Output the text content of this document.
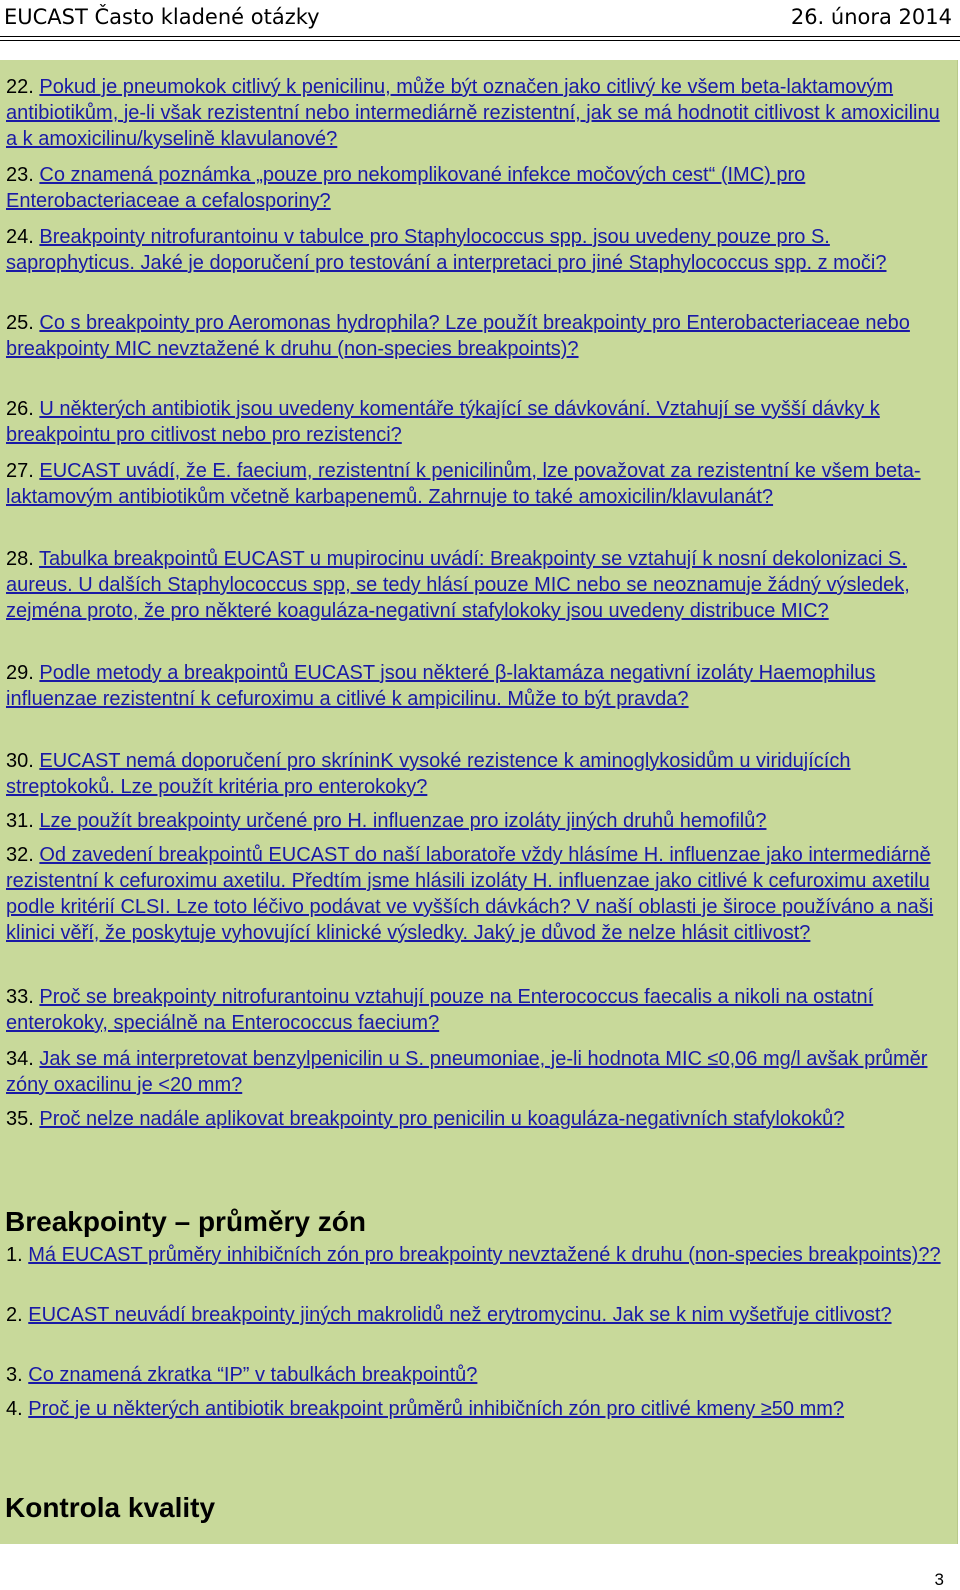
EUCAST Často kladené otázky	26. února 2014
22. Pokud je pneumokok citlivý k penicilinu, může být označen jako citlivý ke všem beta-laktamovým antibiotikům, je-li však rezistentní nebo intermediárně rezistentní, jak se má hodnotit citlivost k amoxicilinu a k amoxicilinu/kyselině klavulanové?
23. Co znamená poznámka „pouze pro nekomplikované infekce močových cest“ (IMC) pro Enterobacteriaceae a cefalosporiny?
24. Breakpointy nitrofurantoinu v tabulce pro Staphylococcus spp. jsou uvedeny pouze pro S. saprophyticus. Jaké je doporučení pro testování a interpretaci pro jiné Staphylococcus spp. z moči?
25. Co s breakpointy pro Aeromonas hydrophila? Lze použít breakpointy pro Enterobacteriaceae nebo breakpointy MIC nevztažené k druhu (non-species breakpoints)?
26. U některých antibiotik jsou uvedeny komentáře týkající se dávkování. Vztahují se vyšší dávky k breakpointu pro citlivost nebo pro rezistenci?
27. EUCAST uvádí, že E. faecium, rezistentní k penicilinům, lze považovat za rezistentní ke všem beta-laktamovým antibiotikům včetně karbapenemů. Zahrnuje to také amoxicilin/klavulanát?
28. Tabulka breakpointů EUCAST u mupirocinu uvádí: Breakpointy se vztahují k nosní dekolonizaci S. aureus. U dalších Staphylococcus spp, se tedy hlásí pouze MIC nebo se neoznamuje žádný výsledek, zejména proto, že pro některé koaguláza-negativní stafylokoky jsou uvedeny distribuce MIC?
29. Podle metody a breakpointů EUCAST jsou některé β-laktamáza negativní izoláty Haemophilus influenzae rezistentní k cefuroximu a citlivé k ampicilinu. Může to být pravda?
30. EUCAST nemá doporučení pro skríninK vysoké rezistence k aminoglykosidům u viridujících streptokoků. Lze použít kritéria pro enterokoky?
31. Lze použít breakpointy určené pro H. influenzae pro izoláty jiných druhů hemofilů?
32. Od zavedení breakpointů EUCAST do naší laboratoře vždy hlásíme H. influenzae jako intermediárně rezistentní k cefuroximu axetilu. Předtím jsme hlásili izoláty H. influenzae jako citlivé k cefuroximu axetilu podle kritérií CLSI. Lze toto léčivo podávat ve vyšších dávkách? V naší oblasti je široce používáno a naši klinici věří, že poskytuje vyhovující klinické výsledky. Jaký je důvod že nelze hlásit citlivost?
33. Proč se breakpointy nitrofurantoinu vztahují pouze na Enterococcus faecalis a nikoli na ostatní enterokoky, speciálně na Enterococcus faecium?
34. Jak se má interpretovat benzylpenicilin u S. pneumoniae, je-li hodnota MIC ≤0,06 mg/l avšak průměr zóny oxacilinu je <20 mm?
35. Proč nelze nadále aplikovat breakpointy pro penicilin u koaguláza-negativních stafylokoků?
Breakpointy – průměry zón
1. Má EUCAST průměry inhibičních zón pro breakpointy nevztažené k druhu (non-species breakpoints)??
2. EUCAST neuvádí breakpointy jiných makrolidů než erytromycinu. Jak se k nim vyšetřuje citlivost?
3. Co znamená zkratka “IP” v tabulkách breakpointů?
4. Proč je u některých antibiotik breakpoint průměrů inhibičních zón pro citlivé kmeny ≥50 mm?
Kontrola kvality
3
